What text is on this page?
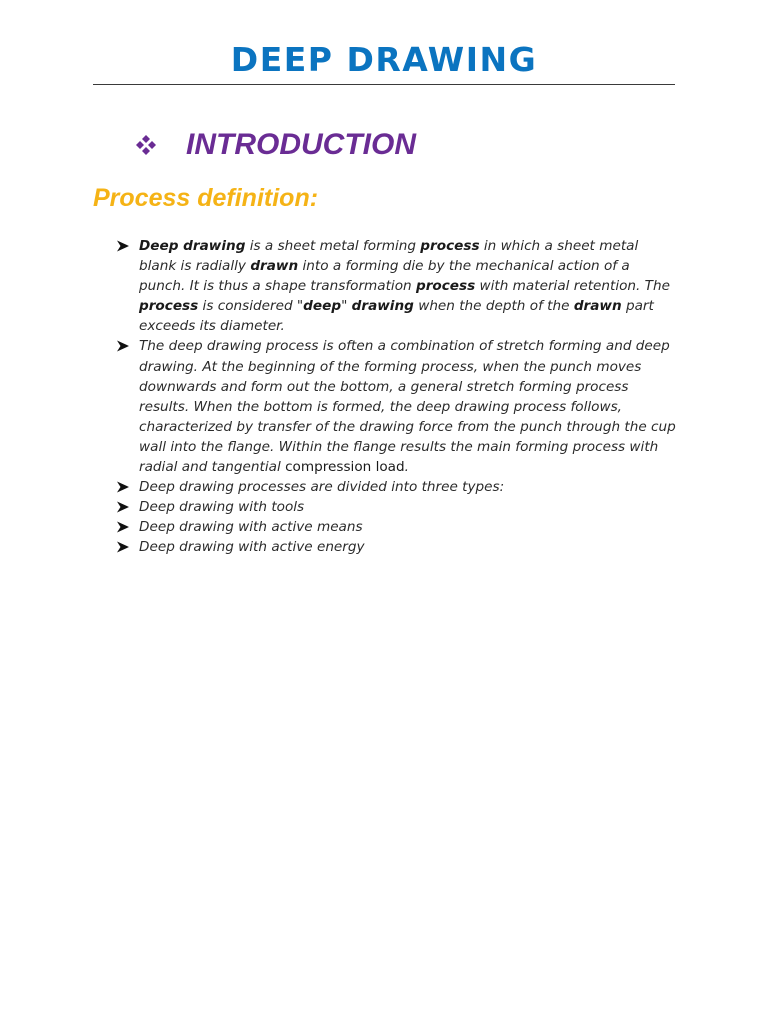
DEEP DRAWING
INTRODUCTION
Process definition:
Deep drawing is a sheet metal forming process in which a sheet metal blank is radially drawn into a forming die by the mechanical action of a punch. It is thus a shape transformation process with material retention. The process is considered "deep" drawing when the depth of the drawn part exceeds its diameter.
The deep drawing process is often a combination of stretch forming and deep drawing. At the beginning of the forming process, when the punch moves downwards and form out the bottom, a general stretch forming process results. When the bottom is formed, the deep drawing process follows, characterized by transfer of the drawing force from the punch through the cup wall into the flange. Within the flange results the main forming process with radial and tangential compression load.
Deep drawing processes are divided into three types:
Deep drawing with tools
Deep drawing with active means
Deep drawing with active energy
